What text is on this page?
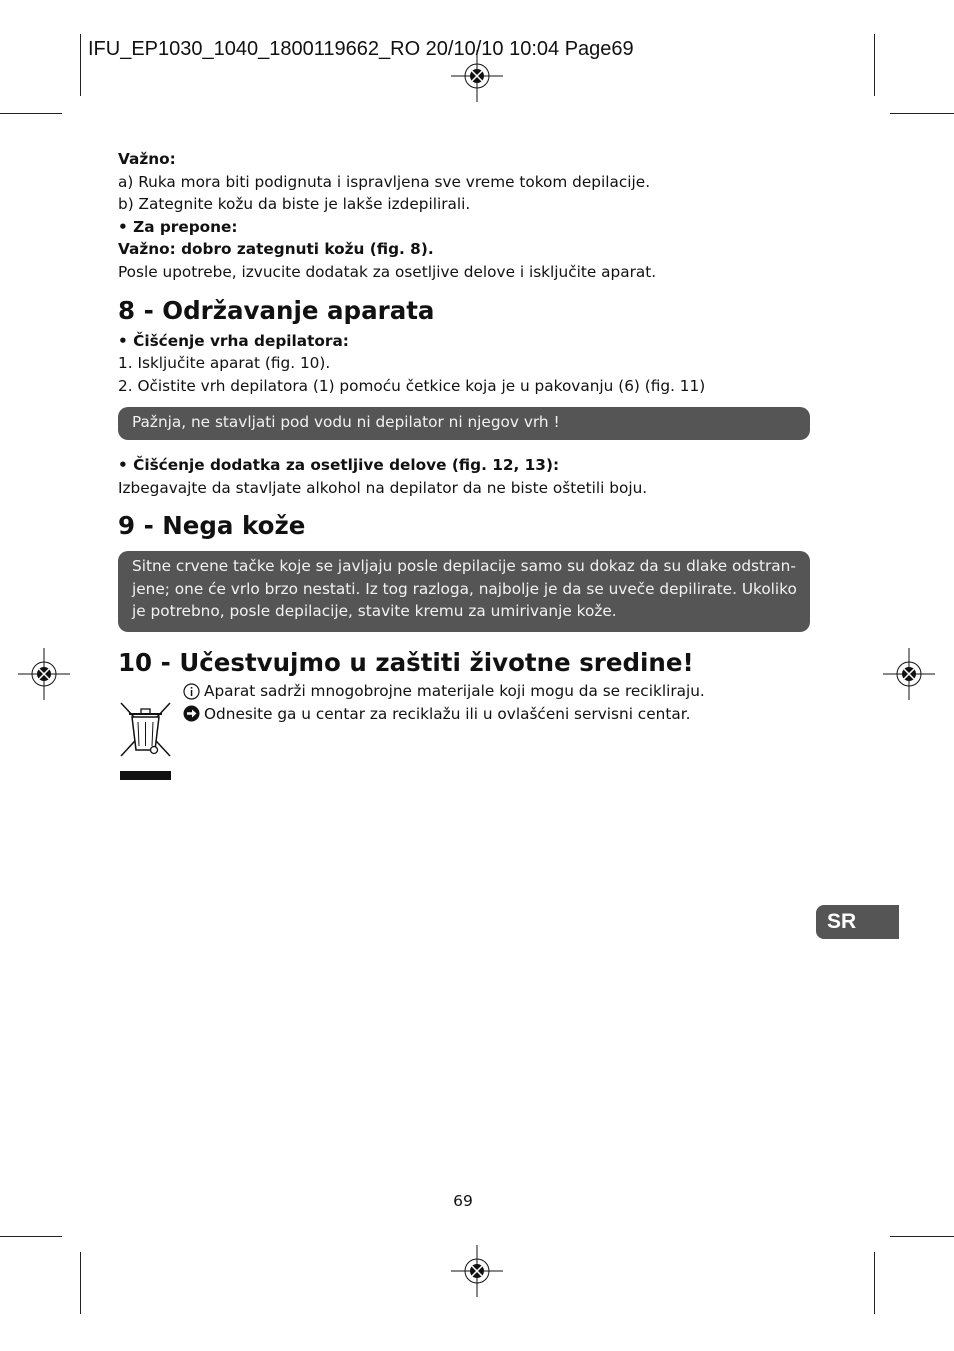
IFU_EP1030_1040_1800119662_RO 20/10/10 10:04 Page69
Važno:
a) Ruka mora biti podignuta i ispravljena sve vreme tokom depilacije.
b) Zategnite kožu da biste je lakše izdepilirali.
• Za prepone:
Važno: dobro zategnuti kožu (fig. 8).
Posle upotrebe, izvucite dodatak za osetljive delove i isključite aparat.
8 - Održavanje aparata
• Čišćenje vrha depilatora:
1. Isključite aparat (fig. 10).
2. Očistite vrh depilatora (1) pomoću četkice koja je u pakovanju (6) (fig. 11)
Pažnja, ne stavljati pod vodu ni depilator ni njegov vrh !
• Čišćenje dodatka za osetljive delove (fig. 12, 13):
Izbegavajte da stavljate alkohol na depilator da ne biste oštetili boju.
9 - Nega kože
Sitne crvene tačke koje se javljaju posle depilacije samo su dokaz da su dlake odstran-
jene; one će vrlo brzo nestati. Iz tog razloga, najbolje je da se uveče depilirate. Ukoliko
je potrebno, posle depilacije, stavite kremu za umirivanje kože.
10 - Učestvujmo u zaštiti životne sredine!
Aparat sadrži mnogobrojne materijale koji mogu da se recikliraju.
Odnesite ga u centar za reciklažu ili u ovlašćeni servisni centar.
SR
69
